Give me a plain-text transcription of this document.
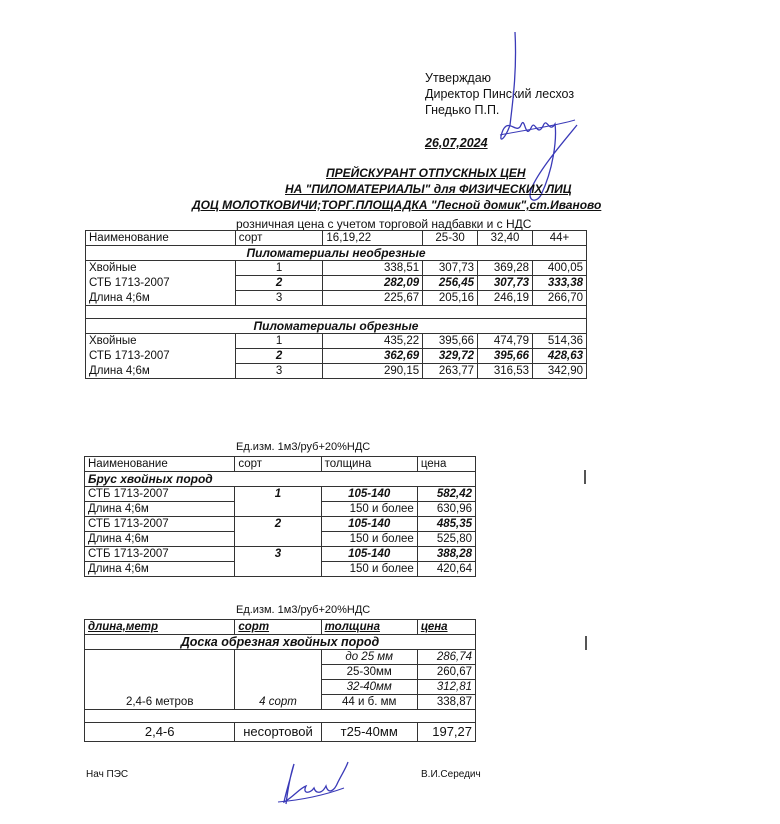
Утверждаю
Директор Пинский лесхоз
Гнедько П.П.
26,07,2024
ПРЕЙСКУРАНТ ОТПУСКНЫХ ЦЕН
НА "ПИЛОМАТЕРИАЛЫ" для ФИЗИЧЕСКИХ ЛИЦ
ДОЦ МОЛОТКОВИЧИ;ТОРГ.ПЛОЩАДКА "Лесной домик",ст.Иваново
розничная цена с учетом торговой надбавки и с НДС
Наименование	сорт	16,19,22	25-30	32,40	44+
Пиломатериалы необрезные					
Хвойные	1	338,51	307,73	369,28	400,05
СТБ 1713-2007	2	282,09	256,45	307,73	333,38
Длина 4;6м	3	225,67	205,16	246,19	266,70

Пиломатериалы обрезные					
Хвойные	1	435,22	395,66	474,79	514,36
СТБ 1713-2007	2	362,69	329,72	395,66	428,63
Длина 4;6м	3	290,15	263,77	316,53	342,90
Ед.изм. 1м3/руб+20%НДС
Наименование	сорт	толщина	цена
Брус хвойных пород			
СТБ 1713-2007	1	105-140	582,42
Длина 4;6м		150 и более	630,96
СТБ 1713-2007	2	105-140	485,35
Длина 4;6м		150 и более	525,80
СТБ 1713-2007	3	105-140	388,28
Длина 4;6м		150 и более	420,64
Ед.изм. 1м3/руб+20%НДС
длина,метр	сорт	толщина	цена
Доска обрезная хвойных пород			
2,4-6 метров	4 сорт	до 25 мм	286,74
		25-30мм	260,67
		32-40мм	312,81
		44 и б. мм	338,87

2,4-6	несортовой	т25-40мм	197,27
Нач ПЭС	В.И.Середич
